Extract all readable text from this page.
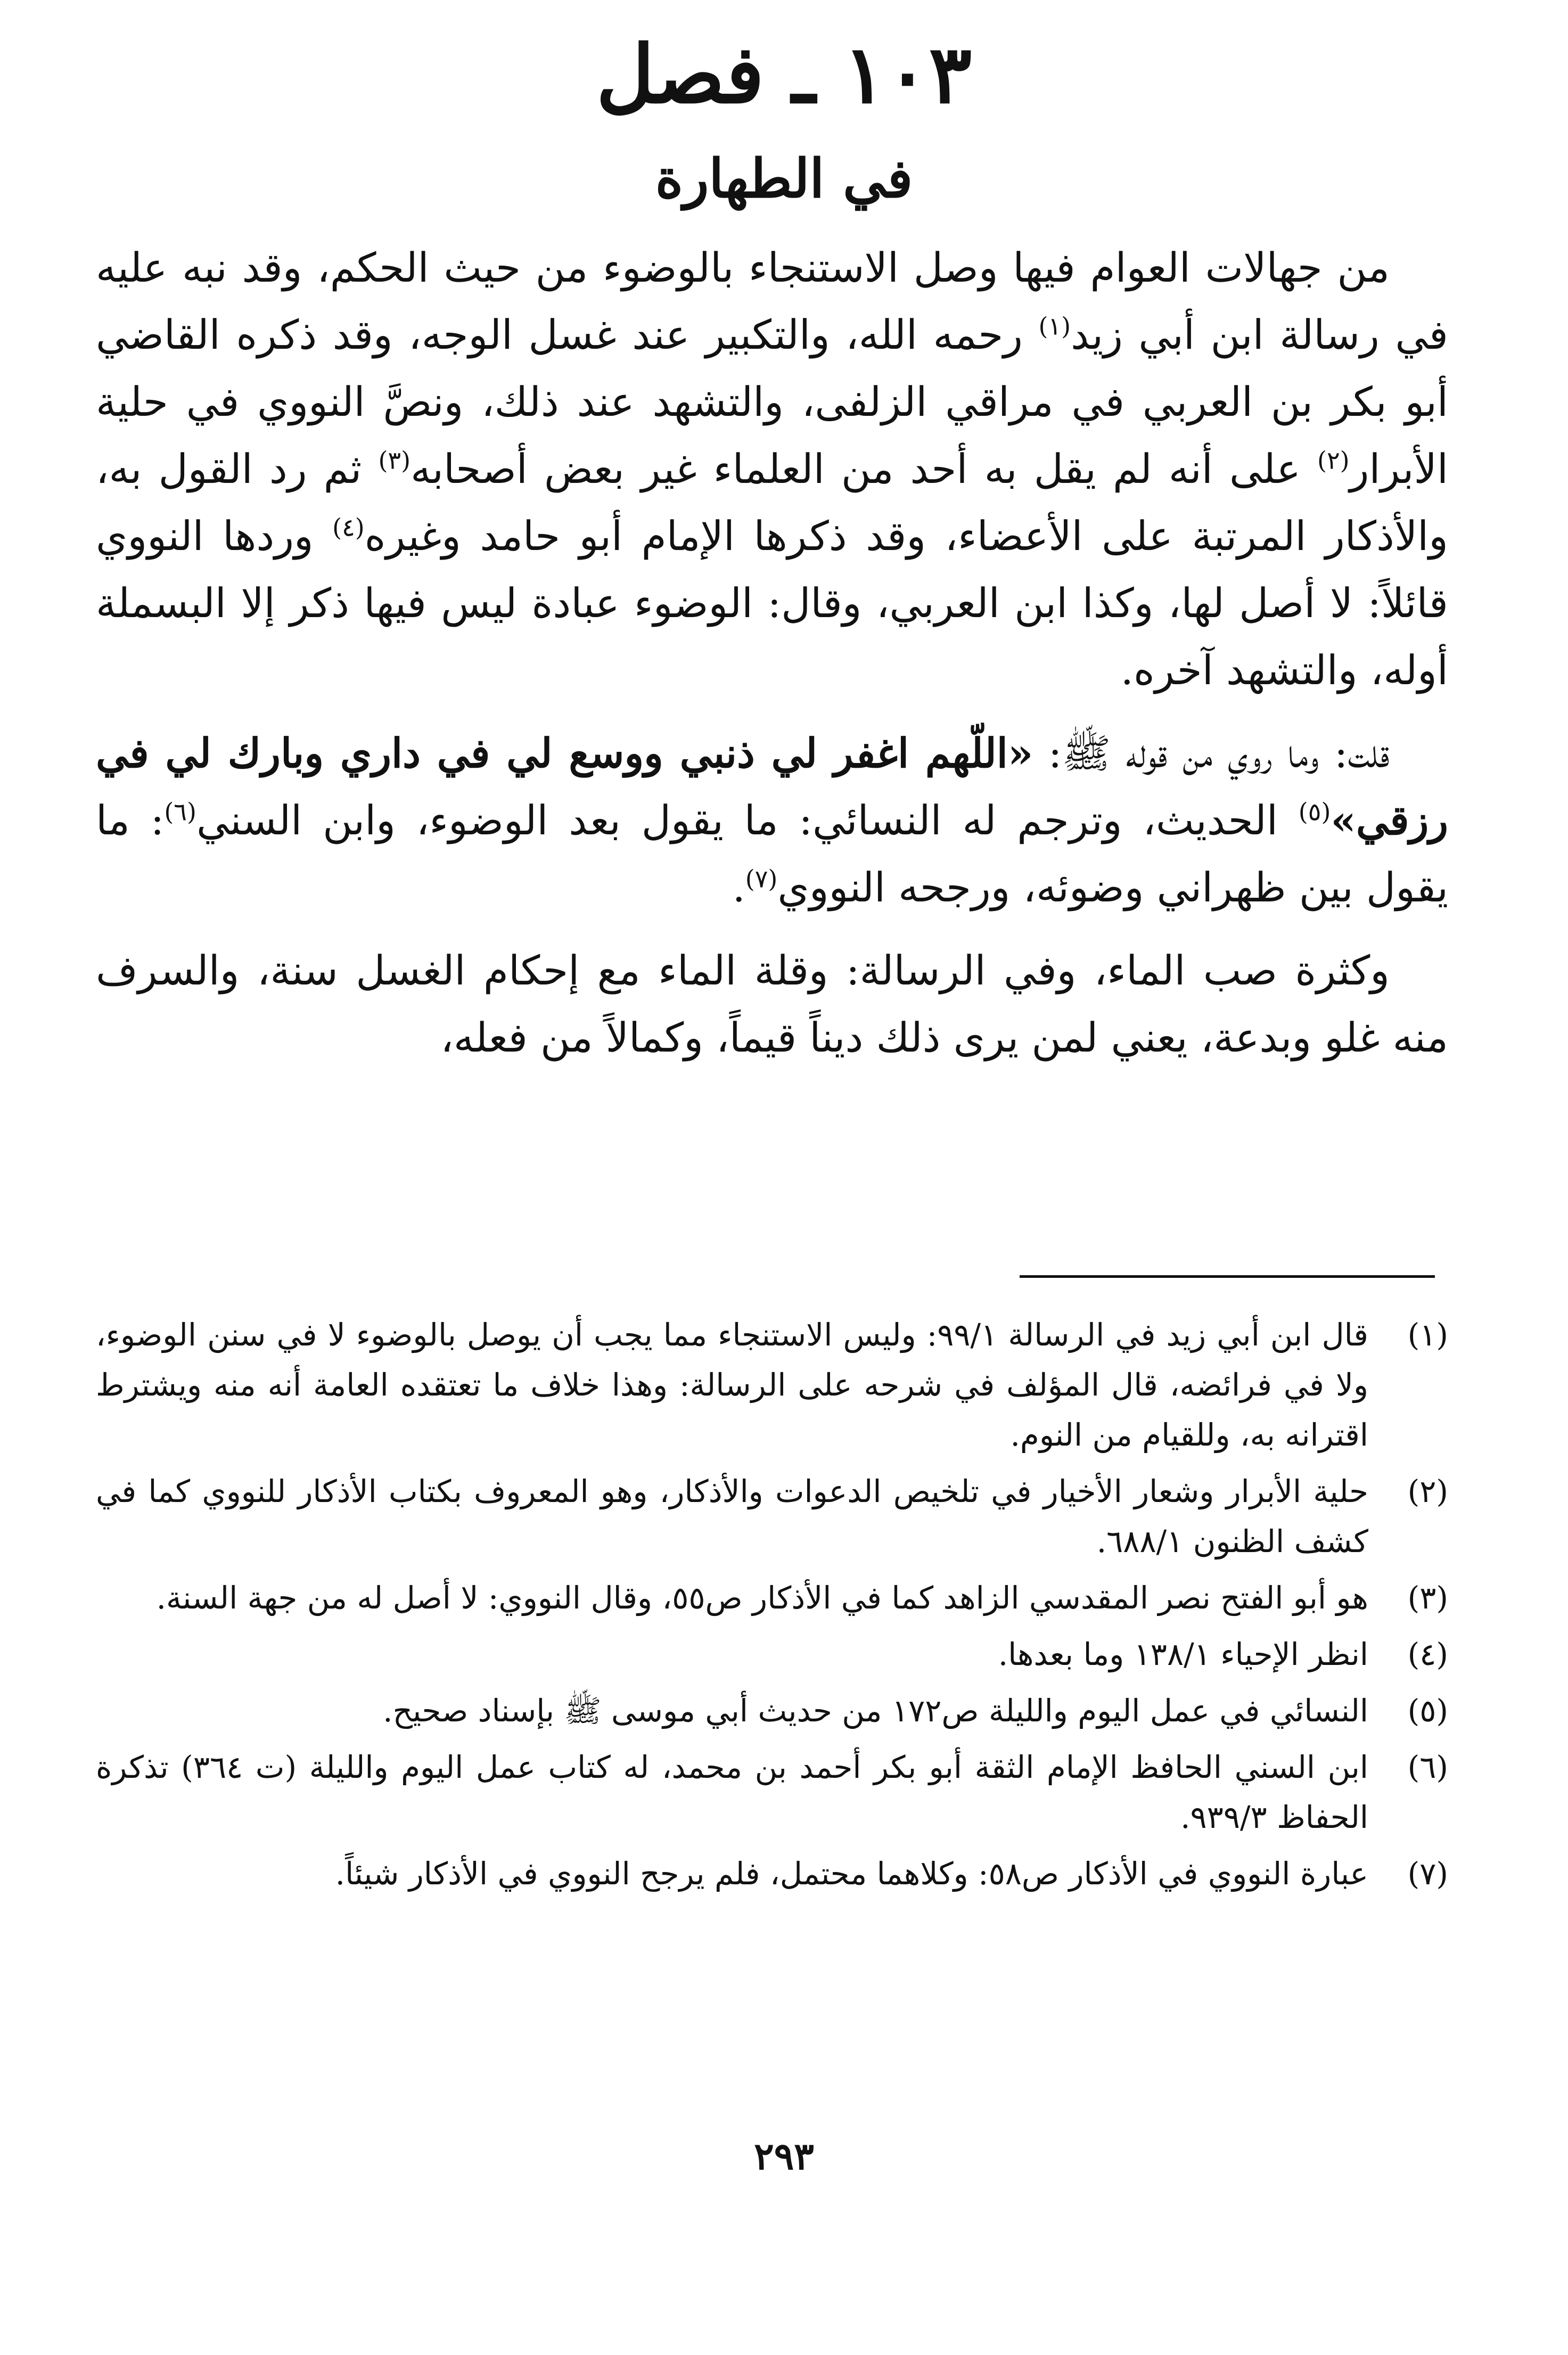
١٠٣ ـ فصل
في الطهارة

من جهالات العوام فيها وصل الاستنجاء بالوضوء من حيث الحكم، وقد نبه عليه في رسالة ابن أبي زيد$^{(١)}$ رحمه الله، والتكبير عند غسل الوجه، وقد ذكره القاضي أبو بكر بن العربي في مراقي الزلفى، والتشهد عند ذلك، ونصَّ النووي في حلية الأبرار$^{(٢)}$ على أنه لم يقل به أحد من العلماء غير بعض أصحابه$^{(٣)}$ ثم رد القول به، والأذكار المرتبة على الأعضاء، وقد ذكرها الإمام أبو حامد وغيره$^{(٤)}$ وردها النووي قائلاً: لا أصل لها، وكذا ابن العربي، وقال: الوضوء عبادة ليس فيها ذكر إلا البسملة أوله، والتشهد آخره.

قلت: وما روي من قوله ﷺ: «اللّهم اغفر لي ذنبي ووسع لي في داري وبارك لي في رزقي»$^{(٥)}$ الحديث، وترجم له النسائي: ما يقول بعد الوضوء، وابن السني$^{(٦)}$: ما يقول بين ظهراني وضوئه، ورجحه النووي$^{(٧)}$.

وكثرة صب الماء، وفي الرسالة: وقلة الماء مع إحكام الغسل سنة، والسرف منه غلو وبدعة، يعني لمن يرى ذلك ديناً قيماً، وكمالاً من فعله،

(١)
قال ابن أبي زيد في الرسالة ٩٩/١: وليس الاستنجاء مما يجب أن يوصل بالوضوء لا في سنن الوضوء، ولا في فرائضه، قال المؤلف في شرحه على الرسالة: وهذا خلاف ما تعتقده العامة أنه منه ويشترط اقترانه به، وللقيام من النوم.
(٢)
حلية الأبرار وشعار الأخيار في تلخيص الدعوات والأذكار، وهو المعروف بكتاب الأذكار للنووي كما في كشف الظنون ٦٨٨/١.
(٣)
هو أبو الفتح نصر المقدسي الزاهد كما في الأذكار ص٥٥، وقال النووي: لا أصل له من جهة السنة.
(٤)
انظر الإحياء ١٣٨/١ وما بعدها.
(٥)
النسائي في عمل اليوم والليلة ص١٧٢ من حديث أبي موسى ﷺ بإسناد صحيح.
(٦)
ابن السني الحافظ الإمام الثقة أبو بكر أحمد بن محمد، له كتاب عمل اليوم والليلة (ت ٣٦٤) تذكرة الحفاظ ٩٣٩/٣.
(٧)
عبارة النووي في الأذكار ص٥٨: وكلاهما محتمل، فلم يرجح النووي في الأذكار شيئاً.
٢٩٣
